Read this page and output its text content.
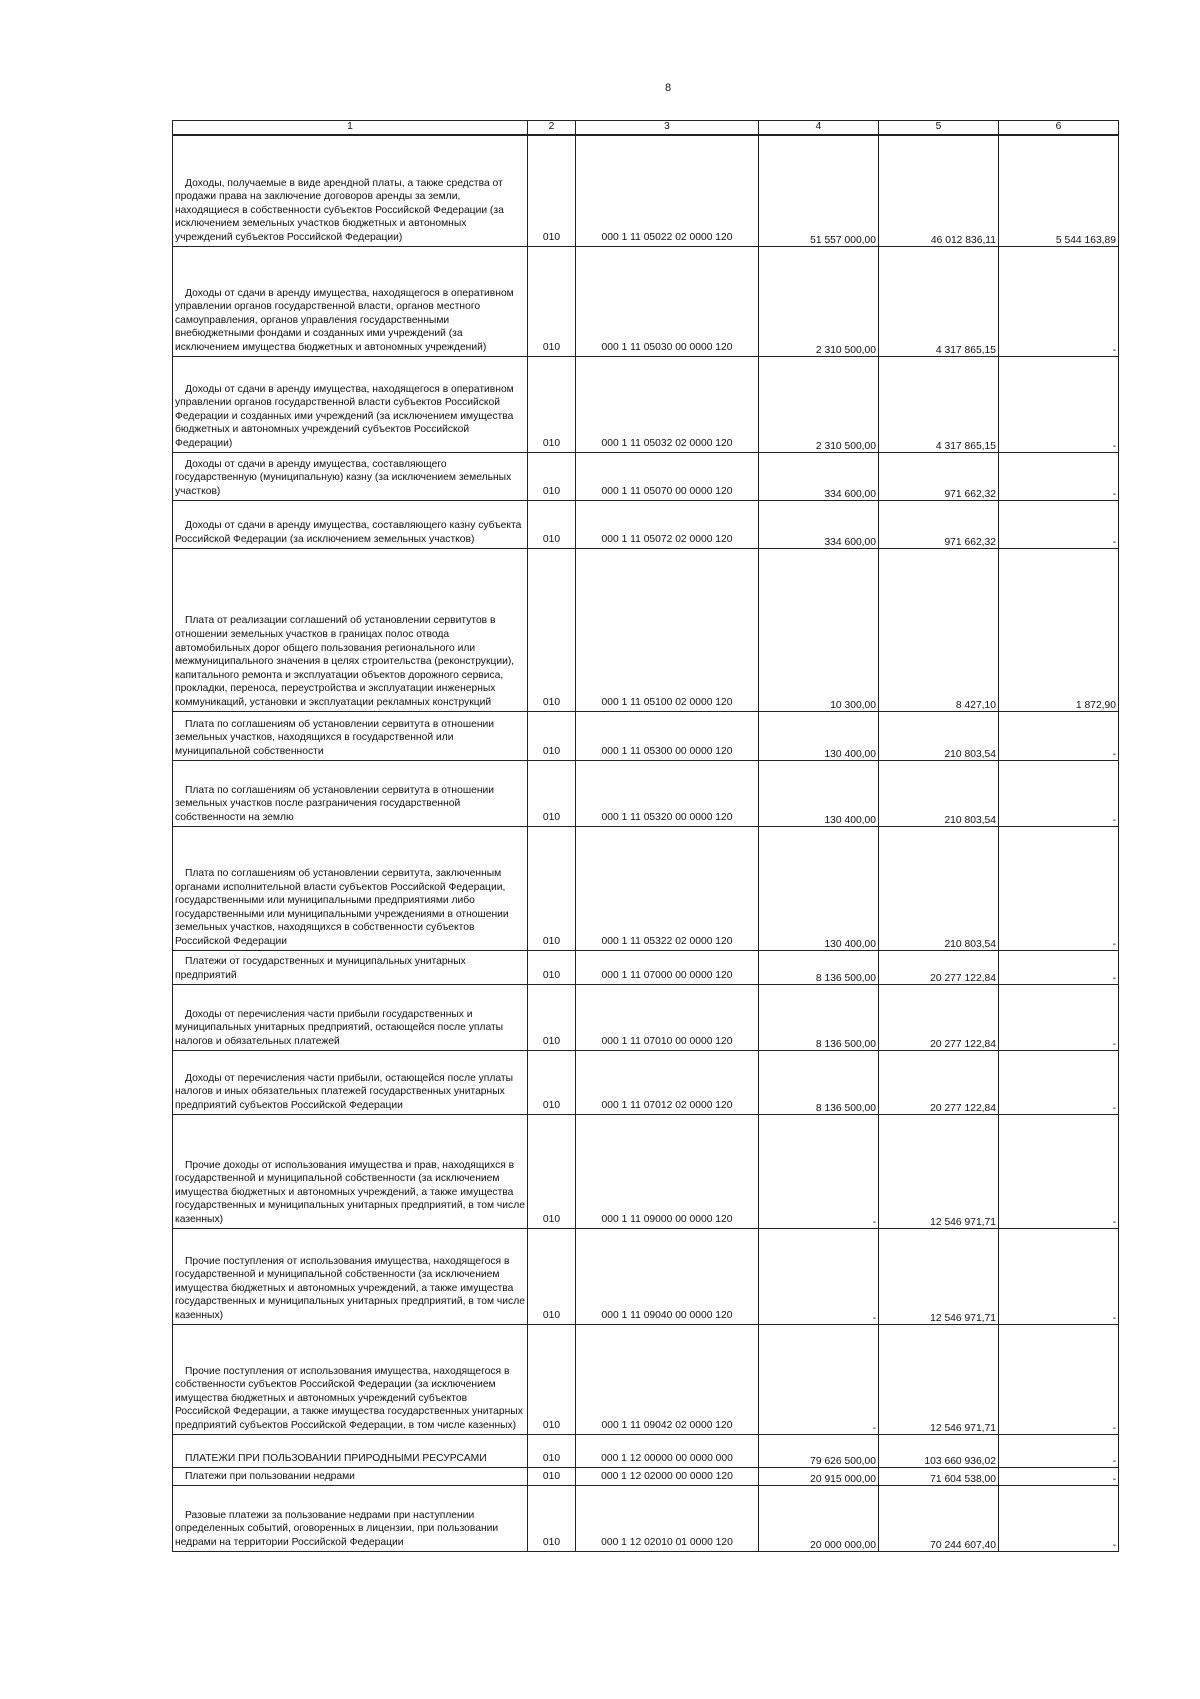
8
1	2	3	4	5	6
Доходы, получаемые в виде арендной платы, а также средства от продажи права на заключение договоров аренды за земли, находящиеся в собственности субъектов Российской Федерации (за исключением земельных участков бюджетных и автономных учреждений субъектов Российской Федерации)	010	000 1 11 05022 02 0000 120	51 557 000,00	46 012 836,11	5 544 163,89
Доходы от сдачи в аренду имущества, находящегося в оперативном управлении органов государственной власти, органов местного самоуправления, органов управления государственными внебюджетными фондами и созданных ими учреждений (за исключением имущества бюджетных и автономных учреждений)	010	000 1 11 05030 00 0000 120	2 310 500,00	4 317 865,15	-
Доходы от сдачи в аренду имущества, находящегося в оперативном управлении органов государственной власти субъектов Российской Федерации и созданных ими учреждений (за исключением имущества бюджетных и автономных учреждений субъектов Российской Федерации)	010	000 1 11 05032 02 0000 120	2 310 500,00	4 317 865,15	-
Доходы от сдачи в аренду имущества, составляющего государственную (муниципальную) казну (за исключением земельных участков)	010	000 1 11 05070 00 0000 120	334 600,00	971 662,32	-
Доходы от сдачи в аренду имущества, составляющего казну субъекта Российской Федерации (за исключением земельных участков)	010	000 1 11 05072 02 0000 120	334 600,00	971 662,32	-
Плата от реализации соглашений об установлении сервитутов в отношении земельных участков в границах полос отвода автомобильных дорог общего пользования регионального или межмуниципального значения в целях строительства (реконструкции), капитального ремонта и эксплуатации объектов дорожного сервиса, прокладки, переноса, переустройства и эксплуатации инженерных коммуникаций, установки и эксплуатации рекламных конструкций	010	000 1 11 05100 02 0000 120	10 300,00	8 427,10	1 872,90
Плата по соглашениям об установлении сервитута в отношении земельных участков, находящихся в государственной или муниципальной собственности	010	000 1 11 05300 00 0000 120	130 400,00	210 803,54	-
Плата по соглашениям об установлении сервитута в отношении земельных участков после разграничения государственной собственности на землю	010	000 1 11 05320 00 0000 120	130 400,00	210 803,54	-
Плата по соглашениям об установлении сервитута, заключенным органами исполнительной власти субъектов Российской Федерации, государственными или муниципальными предприятиями либо государственными или муниципальными учреждениями в отношении земельных участков, находящихся в собственности субъектов Российской Федерации	010	000 1 11 05322 02 0000 120	130 400,00	210 803,54	-
Платежи от государственных и муниципальных унитарных предприятий	010	000 1 11 07000 00 0000 120	8 136 500,00	20 277 122,84	-
Доходы от перечисления части прибыли государственных и муниципальных унитарных предприятий, остающейся после уплаты налогов и обязательных платежей	010	000 1 11 07010 00 0000 120	8 136 500,00	20 277 122,84	-
Доходы от перечисления части прибыли, остающейся после уплаты налогов и иных обязательных платежей государственных унитарных предприятий субъектов Российской Федерации	010	000 1 11 07012 02 0000 120	8 136 500,00	20 277 122,84	-
Прочие доходы от использования имущества и прав, находящихся в государственной и муниципальной собственности (за исключением имущества бюджетных и автономных учреждений, а также имущества государственных и муниципальных унитарных предприятий, в том числе казенных)	010	000 1 11 09000 00 0000 120	-	12 546 971,71	-
Прочие поступления от использования имущества, находящегося в государственной и муниципальной собственности (за исключением имущества бюджетных и автономных учреждений, а также имущества государственных и муниципальных унитарных предприятий, в том числе казенных)	010	000 1 11 09040 00 0000 120	-	12 546 971,71	-
Прочие поступления от использования имущества, находящегося в собственности субъектов Российской Федерации (за исключением имущества бюджетных и автономных учреждений субъектов Российской Федерации, а также имущества государственных унитарных предприятий субъектов Российской Федерации, в том числе казенных)	010	000 1 11 09042 02 0000 120	-	12 546 971,71	-
ПЛАТЕЖИ ПРИ ПОЛЬЗОВАНИИ ПРИРОДНЫМИ РЕСУРСАМИ	010	000 1 12 00000 00 0000 000	79 626 500,00	103 660 936,02	-
Платежи при пользовании недрами	010	000 1 12 02000 00 0000 120	20 915 000,00	71 604 538,00	-
Разовые платежи за пользование недрами при наступлении определенных событий, оговоренных в лицензии, при пользовании недрами на территории Российской Федерации	010	000 1 12 02010 01 0000 120	20 000 000,00	70 244 607,40	-
